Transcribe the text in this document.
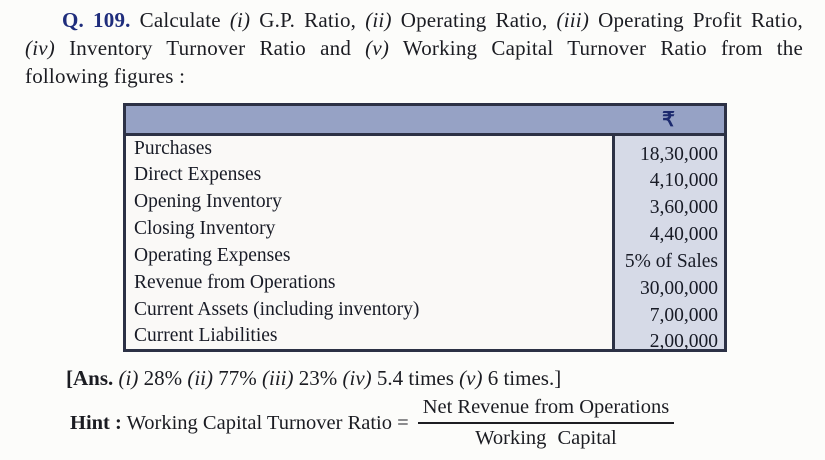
Q. 109. Calculate (i) G.P. Ratio, (ii) Operating Ratio, (iii) Operating Profit Ratio,
(iv) Inventory Turnover Ratio and (v) Working Capital Turnover Ratio from the
following figures :

	₹
Purchases	18,30,000
Direct Expenses	4,10,000
Opening Inventory	3,60,000
Closing Inventory	4,40,000
Operating Expenses	5% of Sales
Revenue from Operations	30,00,000
Current Assets (including inventory)	7,00,000
Current Liabilities	2,00,000

[Ans. (i) 28% (ii) 77% (iii) 23% (iv) 5.4 times (v) 6 times.]

Hint : Working Capital Turnover Ratio = $\frac{\text{Net Revenue from Operations}}{\text{Working Capital}}$
